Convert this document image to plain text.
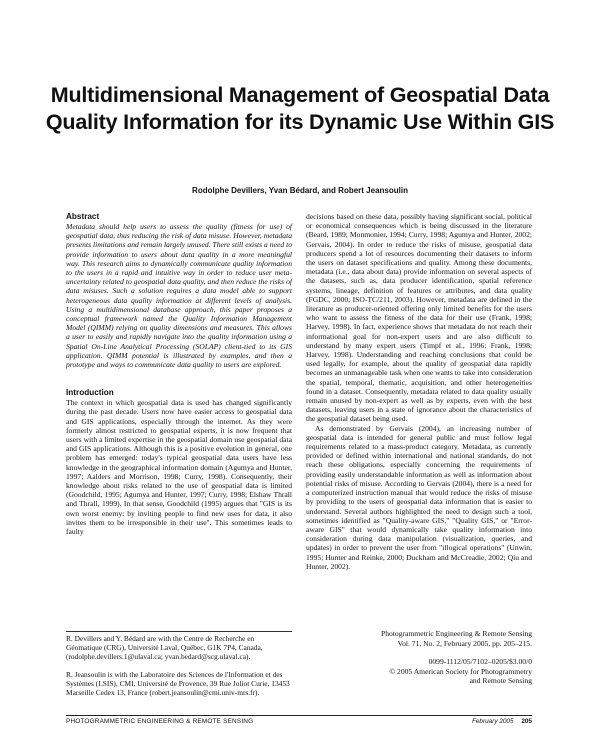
Multidimensional Management of Geospatial Data Quality Information for its Dynamic Use Within GIS
Rodolphe Devillers, Yvan Bédard, and Robert Jeansoulin
Abstract

Metadata should help users to assess the quality (fitness for use) of geospatial data, thus reducing the risk of data misuse. However, metadata presents limitations and remain largely unused. There still exists a need to provide information to users about data quality in a more meaningful way. This research aims to dynamically communicate quality information to the users in a rapid and intuitive way in order to reduce user meta-uncertainty related to geospatial data quality, and then reduce the risks of data misuses. Such a solution requires a data model able to support heterogeneous data quality information at different levels of analysis. Using a multidimensional database approach, this paper proposes a conceptual framework named the Quality Information Management Model (QIMM) relying on quality dimensions and measures. This allows a user to easily and rapidly navigate into the quality information using a Spatial On-Line Analytical Processing (SOLAP) client-tied to its GIS application. QIMM potential is illustrated by examples, and then a prototype and ways to communicate data quality to users are explored.

Introduction

The context in which geospatial data is used has changed significantly during the past decade. Users now have easier access to geospatial data and GIS applications, especially through the internet. As they were formerly almost restricted to geospatial experts, it is now frequent that users with a limited expertise in the geospatial domain use geospatial data and GIS applications. Although this is a positive evolution in general, one problem has emerged: today's typical geospatial data users have less knowledge in the geographical information domain (Agumya and Hunter, 1997; Aalders and Morrison, 1998; Curry, 1998). Consequently, their knowledge about risks related to the use of geospatial data is limited (Goodchild, 1995; Agumya and Hunter, 1997; Curry, 1998; Elshaw Thrall and Thrall, 1999). In that sense, Goodchild (1995) argues that "GIS is its own worst enemy: by inviting people to find new uses for data, it also invites them to be irresponsible in their use". This sometimes leads to faulty

decisions based on these data, possibly having significant social, political or economical consequences which is being discussed in the literature (Beard, 1989; Monmonier, 1994; Curry, 1998; Agumya and Hunter, 2002; Gervais, 2004). In order to reduce the risks of misuse, geospatial data producers spend a lot of resources documenting their datasets to inform the users on dataset specifications and quality. Among these documents, metadata (i.e., data about data) provide information on several aspects of the datasets, such as, data producer identification, spatial reference systems, lineage, definition of features or attributes, and data quality (FGDC, 2000; ISO-TC/211, 2003). However, metadata are defined in the literature as producer-oriented offering only limited benefits for the users who want to assess the fitness of the data for their use (Frank, 1998; Harvey, 1998). In fact, experience shows that metadata do not reach their informational goal for non-expert users and are also difficult to understand by many expert users (Timpf et al., 1996; Frank, 1998; Harvey, 1998). Understanding and reaching conclusions that could be used legally, for example, about the quality of geospatial data rapidly becomes an unmanageable task when one wants to take into consideration the spatial, temporal, thematic, acquisition, and other heterogeneities found in a dataset. Consequently, metadata related to data quality usually remain unused by non-expert as well as by experts, even with the best datasets, leaving users in a state of ignorance about the characteristics of the geospatial dataset being used.

As demonstrated by Gervais (2004), an increasing number of geospatial data is intended for general public and must follow legal requirements related to a mass-product category. Metadata, as currently provided or defined within international and national standards, do not reach these obligations, especially concerning the requirements of providing easily understandable information as well as information about potential risks of misuse. According to Gervais (2004), there is a need for a computerized instruction manual that would reduce the risks of misuse by providing to the users of geospatial data information that is easier to understand. Several authors highlighted the need to design such a tool, sometimes identified as "Quality-aware GIS," "Quality GIS," or "Error-aware GIS" that would dynamically take quality information into consideration during data manipulation (visualization, queries, and updates) in order to prevent the user from "illogical operations" (Unwin, 1995; Hunter and Reinke, 2000; Duckham and McCreadie, 2002; Qiu and Hunter, 2002).

R. Devillers and Y. Bédard are with the Centre de Recherche en Géomatique (CRG), Université Laval, Québec, G1K 7P4, Canada, (rodolphe.devillers.1@ulaval.ca; yvan.bedard@scg.ulaval.ca).
R. Jeansoulin is with the Laboratoire des Sciences de l'Information et des Systèmes (LSIS), CMI, Université de Provence, 39 Rue Joliot Curie, 13453 Marseille Cedex 13, France (robert.jeansoulin@cmi.univ-mrs.fr).
Photogrammetric Engineering & Remote Sensing
Vol. 71, No. 2, February 2005, pp. 205–215.
0099-1112/05/7102–0205/$3.00/0
© 2005 American Society for Photogrammetry
and Remote Sensing
PHOTOGRAMMETRIC ENGINEERING & REMOTE SENSING	February 2005 205
